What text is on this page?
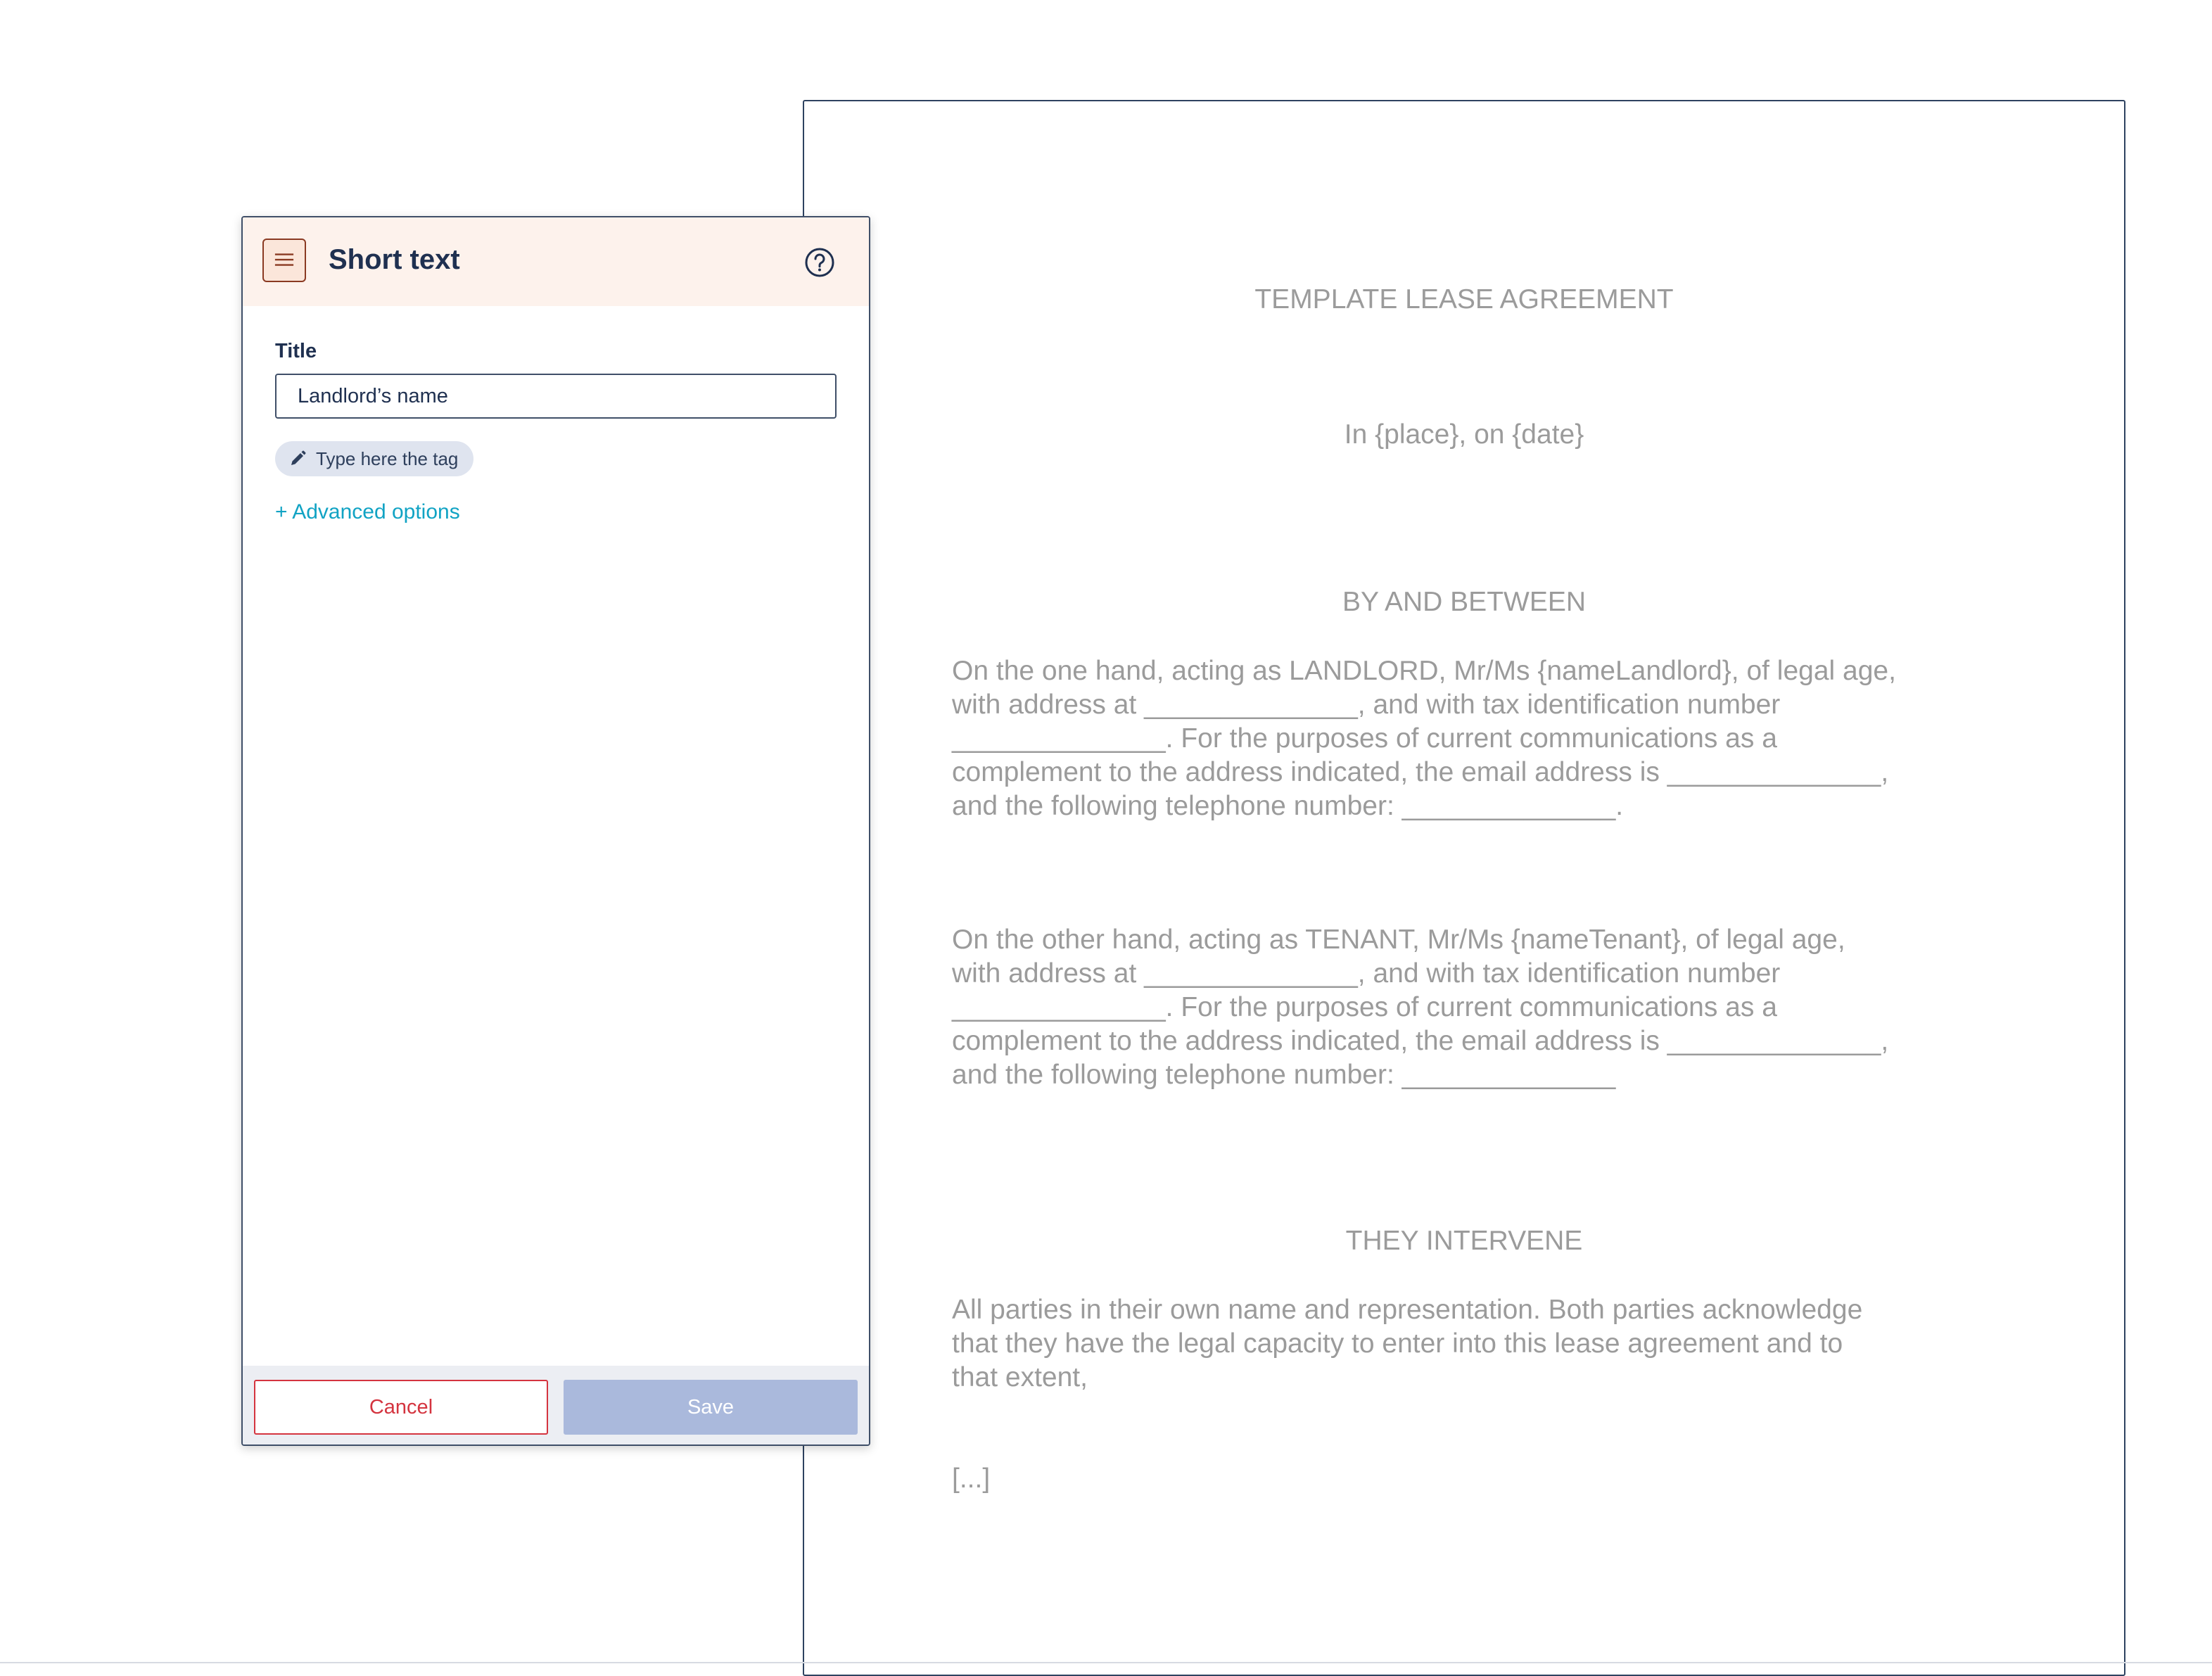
TEMPLATE LEASE AGREEMENT

In {place}, on {date}

BY AND BETWEEN

On the one hand, acting as LANDLORD, Mr/Ms {nameLandlord}, of legal age,
with address at ______________, and with tax identification number
______________. For the purposes of current communications as a
complement to the address indicated, the email address is ______________,
and the following telephone number: ______________.
On the other hand, acting as TENANT, Mr/Ms {nameTenant}, of legal age,
with address at ______________, and with tax identification number
______________. For the purposes of current communications as a
complement to the address indicated, the email address is ______________,
and the following telephone number: ______________

THEY INTERVENE

All parties in their own name and representation. Both parties acknowledge
that they have the legal capacity to enter into this lease agreement and to
that extent,

[...]

Short text
Title
Landlord’s name
Type here the tag
+ Advanced options
Cancel	Save
